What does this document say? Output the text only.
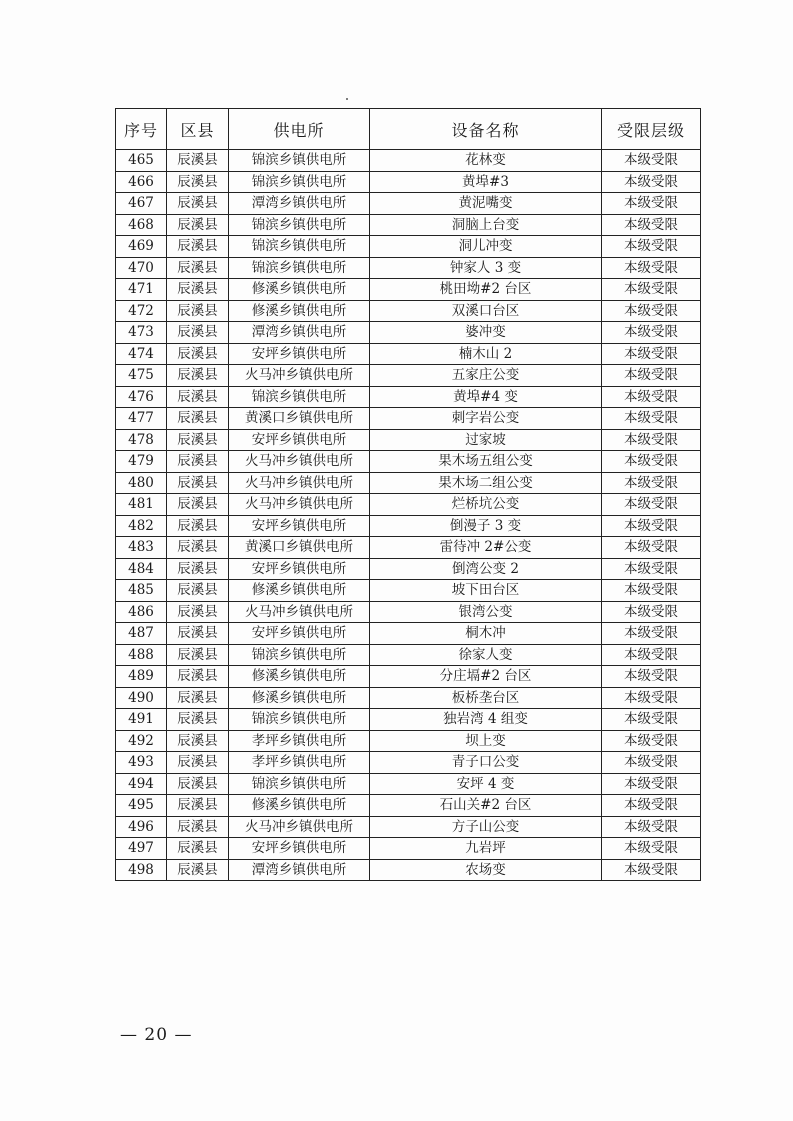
序号	区县	供电所	设备名称	受限层级
465	辰溪县	锦滨乡镇供电所	花林变	本级受限
466	辰溪县	锦滨乡镇供电所	黄埠#3	本级受限
467	辰溪县	潭湾乡镇供电所	黄泥嘴变	本级受限
468	辰溪县	锦滨乡镇供电所	洞脑上台变	本级受限
469	辰溪县	锦滨乡镇供电所	洞儿冲变	本级受限
470	辰溪县	锦滨乡镇供电所	钟家人 3 变	本级受限
471	辰溪县	修溪乡镇供电所	桃田坳#2 台区	本级受限
472	辰溪县	修溪乡镇供电所	双溪口台区	本级受限
473	辰溪县	潭湾乡镇供电所	婆冲变	本级受限
474	辰溪县	安坪乡镇供电所	楠木山 2	本级受限
475	辰溪县	火马冲乡镇供电所	五家庄公变	本级受限
476	辰溪县	锦滨乡镇供电所	黄埠#4 变	本级受限
477	辰溪县	黄溪口乡镇供电所	刺字岩公变	本级受限
478	辰溪县	安坪乡镇供电所	过家坡	本级受限
479	辰溪县	火马冲乡镇供电所	果木场五组公变	本级受限
480	辰溪县	火马冲乡镇供电所	果木场二组公变	本级受限
481	辰溪县	火马冲乡镇供电所	烂桥坑公变	本级受限
482	辰溪县	安坪乡镇供电所	倒漫子 3 变	本级受限
483	辰溪县	黄溪口乡镇供电所	雷待冲 2#公变	本级受限
484	辰溪县	安坪乡镇供电所	倒湾公变 2	本级受限
485	辰溪县	修溪乡镇供电所	坡下田台区	本级受限
486	辰溪县	火马冲乡镇供电所	银湾公变	本级受限
487	辰溪县	安坪乡镇供电所	桐木冲	本级受限
488	辰溪县	锦滨乡镇供电所	徐家人变	本级受限
489	辰溪县	修溪乡镇供电所	分庄塥#2 台区	本级受限
490	辰溪县	修溪乡镇供电所	板桥垄台区	本级受限
491	辰溪县	锦滨乡镇供电所	独岩湾 4 组变	本级受限
492	辰溪县	孝坪乡镇供电所	坝上变	本级受限
493	辰溪县	孝坪乡镇供电所	青子口公变	本级受限
494	辰溪县	锦滨乡镇供电所	安坪 4 变	本级受限
495	辰溪县	修溪乡镇供电所	石山关#2 台区	本级受限
496	辰溪县	火马冲乡镇供电所	方子山公变	本级受限
497	辰溪县	安坪乡镇供电所	九岩坪	本级受限
498	辰溪县	潭湾乡镇供电所	农场变	本级受限
— 20 —
